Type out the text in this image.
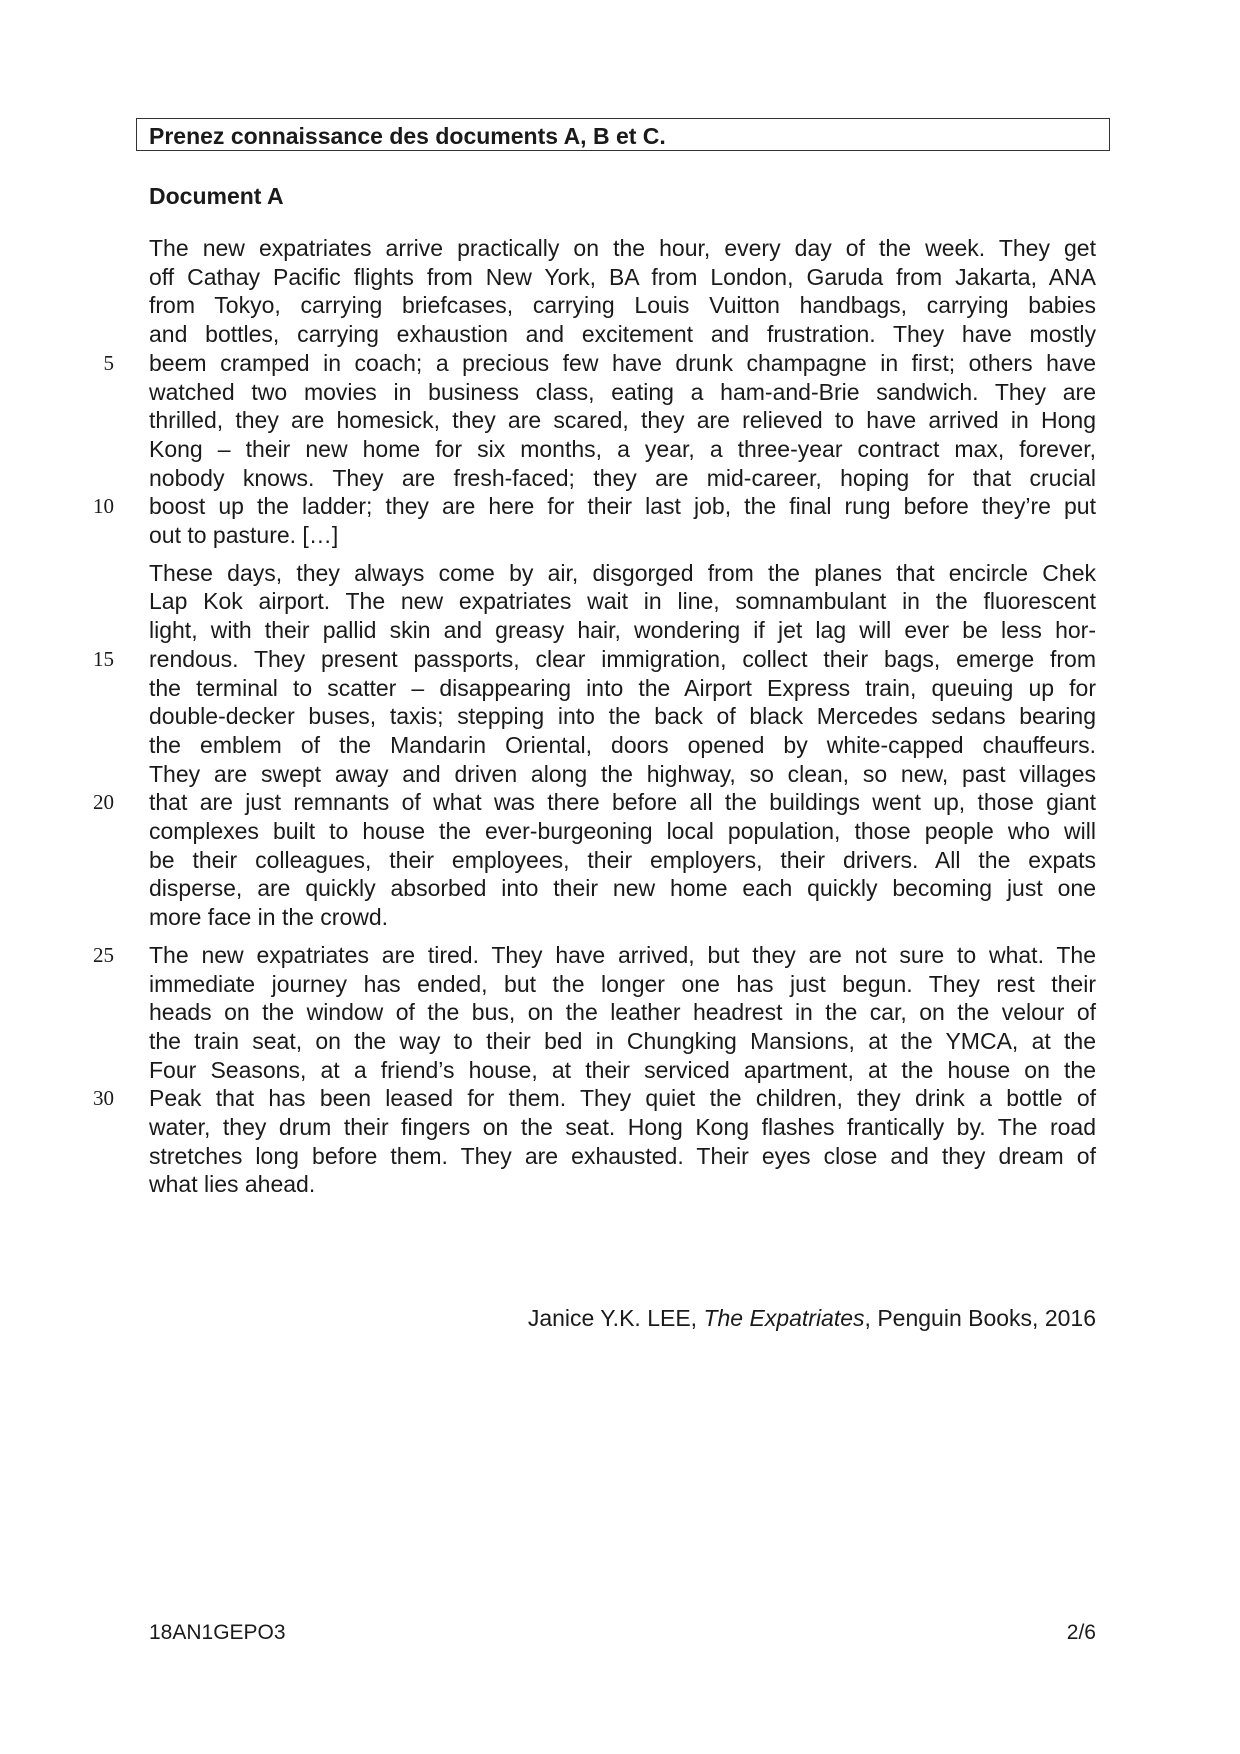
Prenez connaissance des documents A, B et C.
Document A
The new expatriates arrive practically on the hour, every day of the week. They get
off Cathay Pacific flights from New York, BA from London, Garuda from Jakarta, ANA
from Tokyo, carrying briefcases, carrying Louis Vuitton handbags, carrying babies
and bottles, carrying exhaustion and excitement and frustration. They have mostly
beem cramped in coach; a precious few have drunk champagne in first; others have
5
watched two movies in business class, eating a ham-and-Brie sandwich. They are
thrilled, they are homesick, they are scared, they are relieved to have arrived in Hong
Kong – their new home for six months, a year, a three-year contract max, forever,
nobody knows. They are fresh-faced; they are mid-career, hoping for that crucial
boost up the ladder; they are here for their last job, the final rung before they’re put
10
out to pasture. […]
These days, they always come by air, disgorged from the planes that encircle Chek
Lap Kok airport. The new expatriates wait in line, somnambulant in the fluorescent
light, with their pallid skin and greasy hair, wondering if jet lag will ever be less hor-
rendous. They present passports, clear immigration, collect their bags, emerge from
15
the terminal to scatter – disappearing into the Airport Express train, queuing up for
double-decker buses, taxis; stepping into the back of black Mercedes sedans bearing
the emblem of the Mandarin Oriental, doors opened by white-capped chauffeurs.
They are swept away and driven along the highway, so clean, so new, past villages
that are just remnants of what was there before all the buildings went up, those giant
20
complexes built to house the ever-burgeoning local population, those people who will
be their colleagues, their employees, their employers, their drivers. All the expats
disperse, are quickly absorbed into their new home each quickly becoming just one
more face in the crowd.
The new expatriates are tired. They have arrived, but they are not sure to what. The
25
immediate journey has ended, but the longer one has just begun. They rest their
heads on the window of the bus, on the leather headrest in the car, on the velour of
the train seat, on the way to their bed in Chungking Mansions, at the YMCA, at the
Four Seasons, at a friend’s house, at their serviced apartment, at the house on the
Peak that has been leased for them. They quiet the children, they drink a bottle of
30
water, they drum their fingers on the seat. Hong Kong flashes frantically by. The road
stretches long before them. They are exhausted. Their eyes close and they dream of
what lies ahead.
Janice Y.K. LEE, The Expatriates, Penguin Books, 2016
18AN1GEPO3	2/6
